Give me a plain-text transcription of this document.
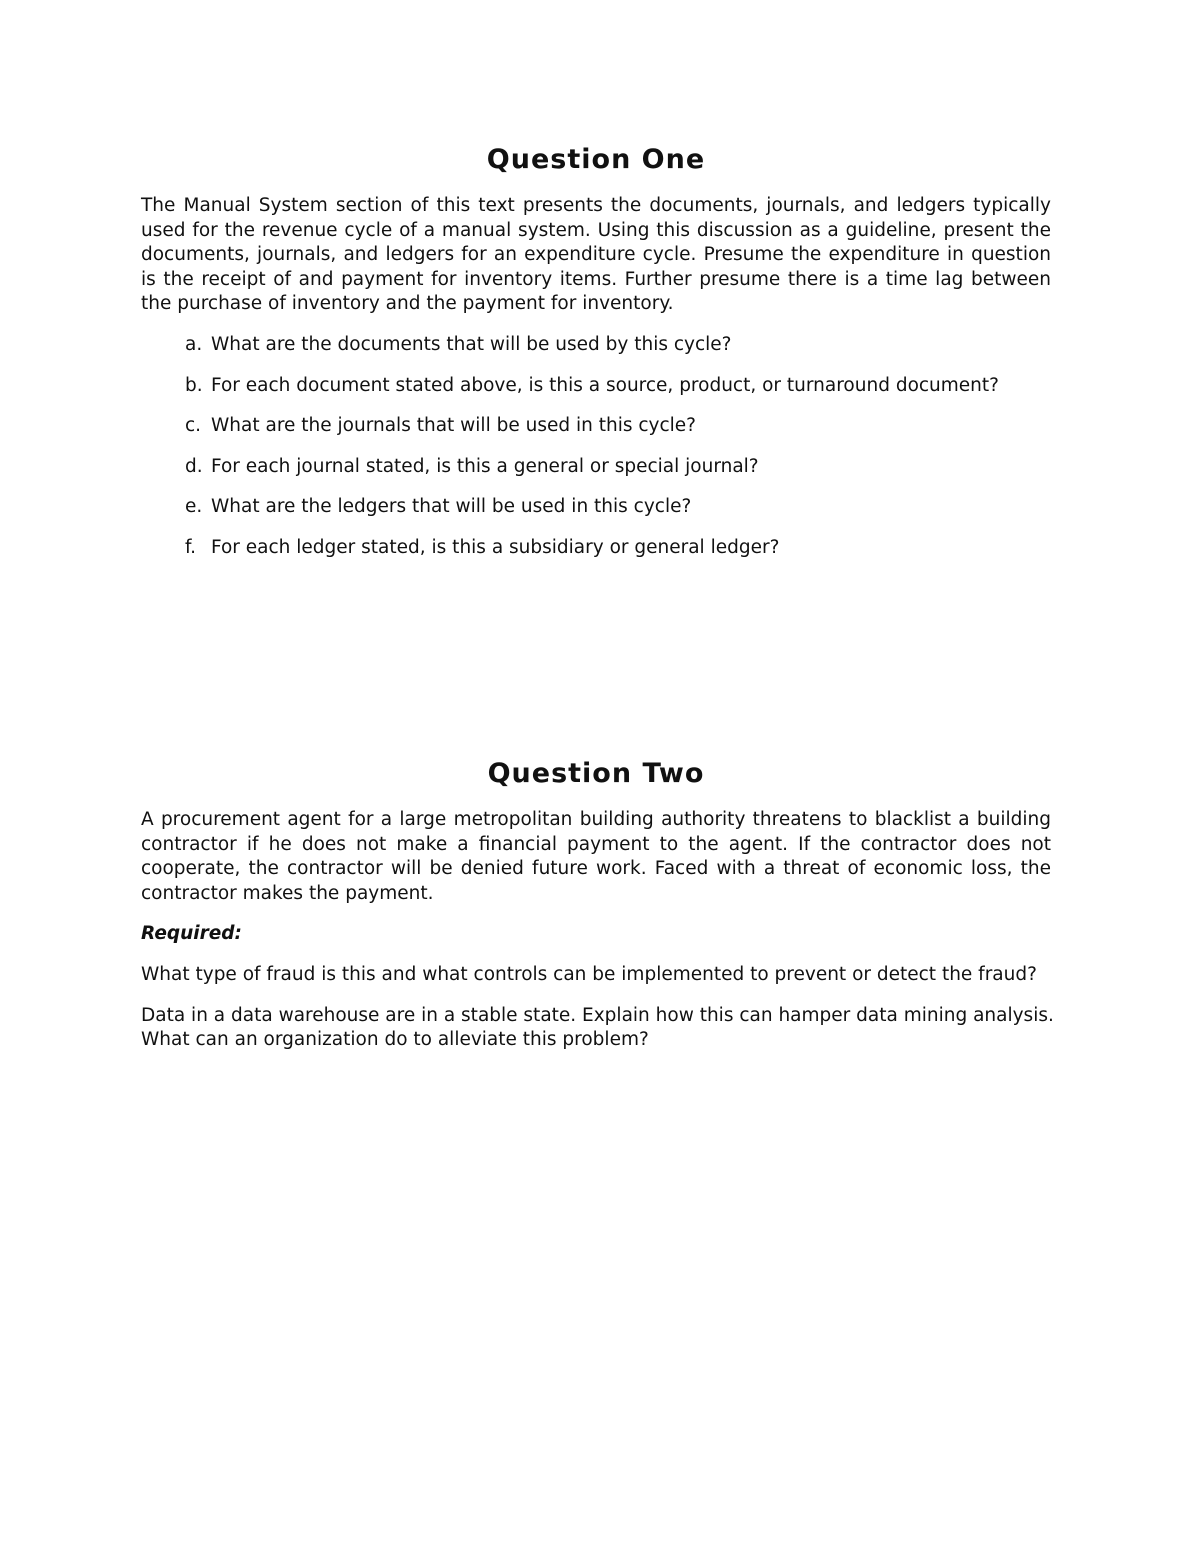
Question One

The Manual System section of this text presents the documents, journals, and ledgers typically used for the revenue cycle of a manual system. Using this discussion as a guideline, present the documents, journals, and ledgers for an expenditure cycle. Presume the expenditure in question is the receipt of and payment for inventory items. Further presume there is a time lag between the purchase of inventory and the payment for inventory.

a. What are the documents that will be used by this cycle?
b. For each document stated above, is this a source, product, or turnaround document?
c. What are the journals that will be used in this cycle?
d. For each journal stated, is this a general or special journal?
e. What are the ledgers that will be used in this cycle?
f. For each ledger stated, is this a subsidiary or general ledger?
Question Two

A procurement agent for a large metropolitan building authority threatens to blacklist a building contractor if he does not make a financial payment to the agent. If the contractor does not cooperate, the contractor will be denied future work. Faced with a threat of economic loss, the contractor makes the payment.

Required:

What type of fraud is this and what controls can be implemented to prevent or detect the fraud?

Data in a data warehouse are in a stable state. Explain how this can hamper data mining analysis. What can an organization do to alleviate this problem?
